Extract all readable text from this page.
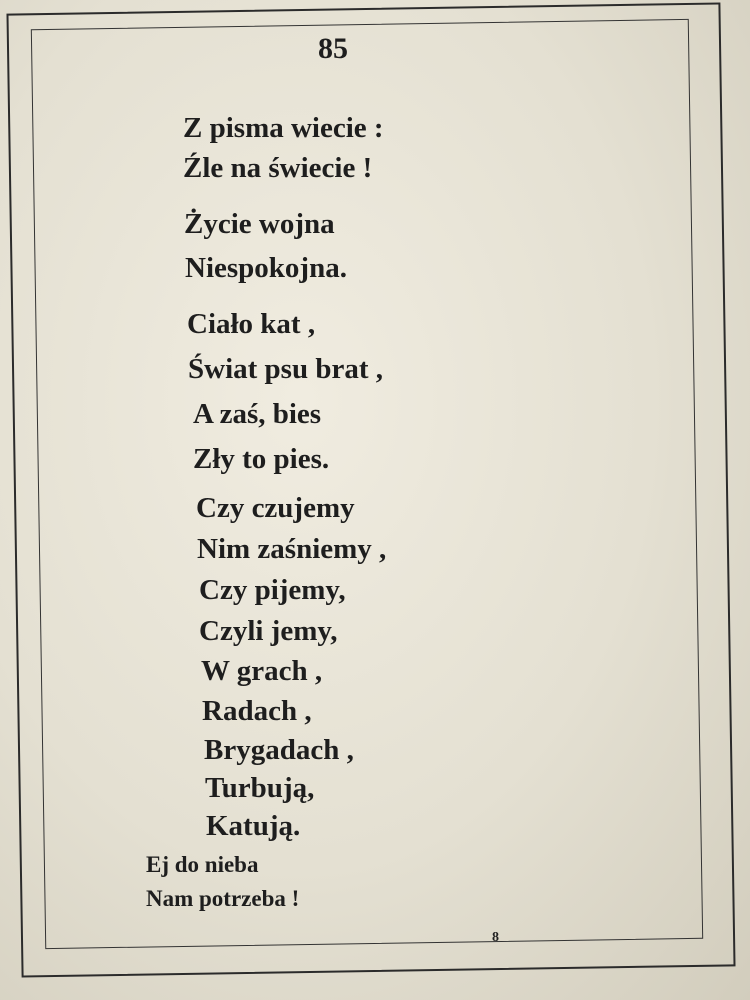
85
Z pisma wiecie :
Źle na świecie !
Życie wojna
Niespokojna.
Ciało kat ,
Świat psu brat ,
A zaś, bies
Zły to pies.
Czy czujemy
Nim zaśniemy ,
Czy pijemy,
Czyli jemy,
W grach ,
Radach ,
Brygadach ,
Turbują,
Katują.
Ej do nieba
Nam potrzeba !
8
